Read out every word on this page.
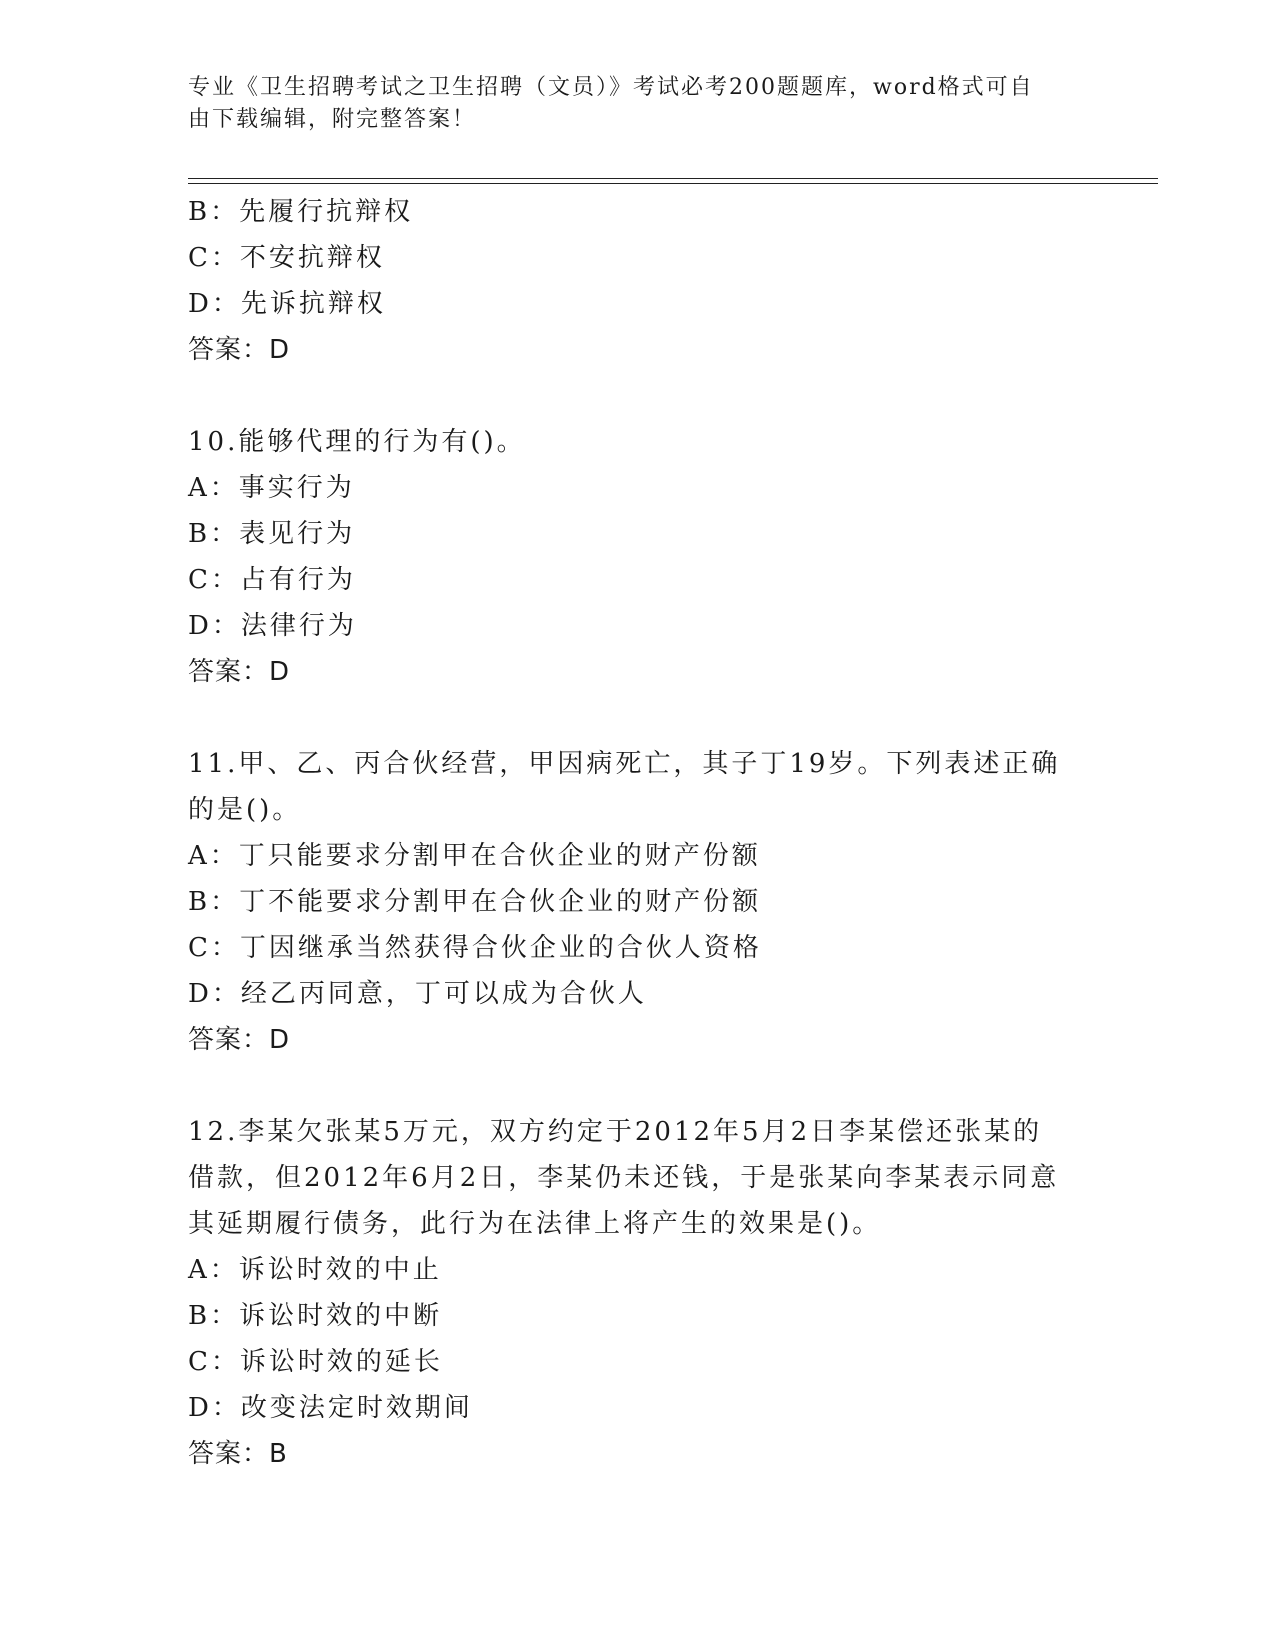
专业《卫生招聘考试之卫生招聘（文员）》考试必考200题题库，word格式可自
由下载编辑，附完整答案！
B：先履行抗辩权
C：不安抗辩权
D：先诉抗辩权
答案：D
10.能够代理的行为有()。
A：事实行为
B：表见行为
C：占有行为
D：法律行为
答案：D
11.甲、乙、丙合伙经营，甲因病死亡，其子丁19岁。下列表述正确
的是()。
A：丁只能要求分割甲在合伙企业的财产份额
B：丁不能要求分割甲在合伙企业的财产份额
C：丁因继承当然获得合伙企业的合伙人资格
D：经乙丙同意，丁可以成为合伙人
答案：D
12.李某欠张某5万元，双方约定于2012年5月2日李某偿还张某的
借款，但2012年6月2日，李某仍未还钱，于是张某向李某表示同意
其延期履行债务，此行为在法律上将产生的效果是()。
A：诉讼时效的中止
B：诉讼时效的中断
C：诉讼时效的延长
D：改变法定时效期间
答案：B
